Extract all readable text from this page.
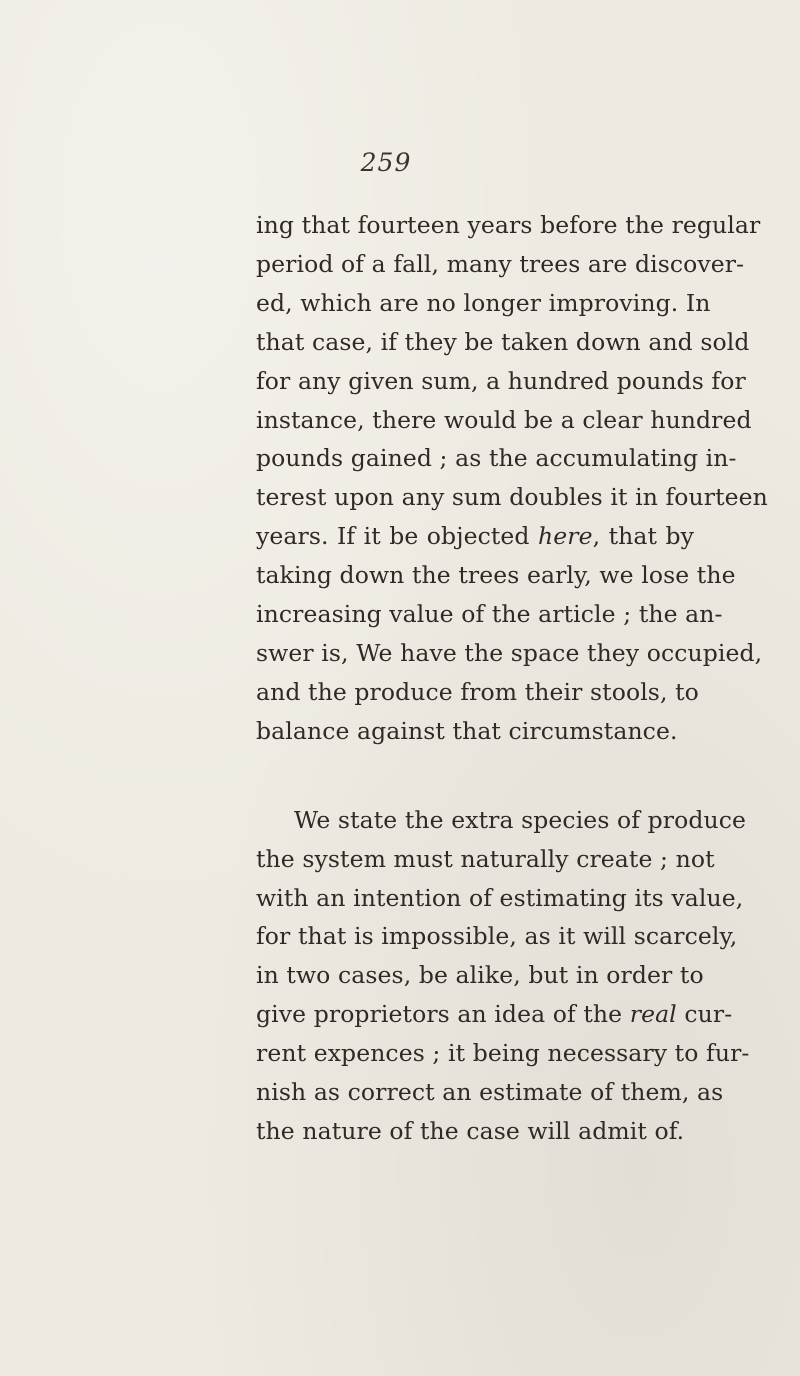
259
ing that fourteen years before the regular
period of a fall, many trees are discover-
ed, which are no longer improving. In
that case, if they be taken down and sold
for any given sum, a hundred pounds for
instance, there would be a clear hundred
pounds gained ; as the accumulating in-
terest upon any sum doubles it in fourteen
years. If it be objected here, that by
taking down the trees early, we lose the
increasing value of the article ; the an-
swer is, We have the space they occupied,
and the produce from their stools, to
balance against that circumstance.
We state the extra species of produce
the system must naturally create ; not
with an intention of estimating its value,
for that is impossible, as it will scarcely,
in two cases, be alike, but in order to
give proprietors an idea of the real cur-
rent expences ; it being necessary to fur-
nish as correct an estimate of them, as
the nature of the case will admit of.
